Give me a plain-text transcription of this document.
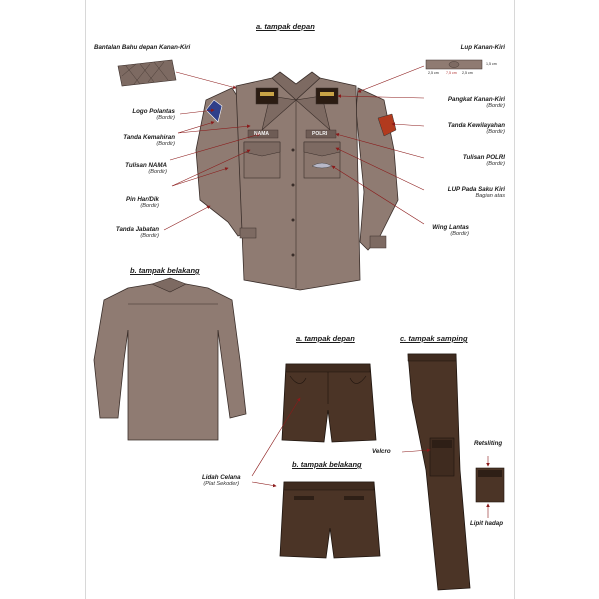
a. tampak depan
b. tampak belakang
a. tampak depan	c. tampak samping
b. tampak belakang
Bantalan Bahu depan Kanan-Kiri
Logo Polantas
(Bordir)
Tanda Kemahiran
(Bordir)
Tulisan NAMA
(Bordir)
Pin Har/Dik
(Bordir)
Tanda Jabatan
(Bordir)
Lup Kanan-Kiri
Pangkat Kanan-Kiri
(Bordir)
Tanda Kewilayahan
(Bordir)
Tulisan POLRI
(Bordir)
LUP Pada Saku Kiri
Bagian atas
Wing Lantas
(Bordir)
NAMA	POLRI
2,5 cm 7,5 cm 2,5 cm
1,5 cm
Lidah Celana
(Plat Sekoder)
Velcro
Retsliting
Lipit hadap
